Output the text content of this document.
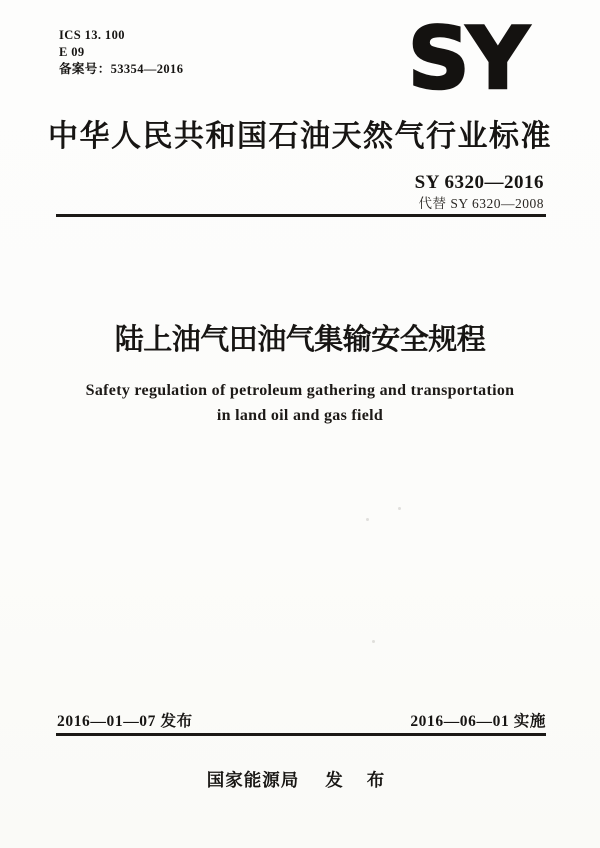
ICS 13. 100
E 09
备案号：53354—2016	SY
中华人民共和国石油天然气行业标准
SY 6320—2016
代替 SY 6320—2008
陆上油气田油气集输安全规程
Safety regulation of petroleum gathering and transportation
in land oil and gas field
2016—01—07 发布	2016—06—01 实施
国家能源局 发 布
